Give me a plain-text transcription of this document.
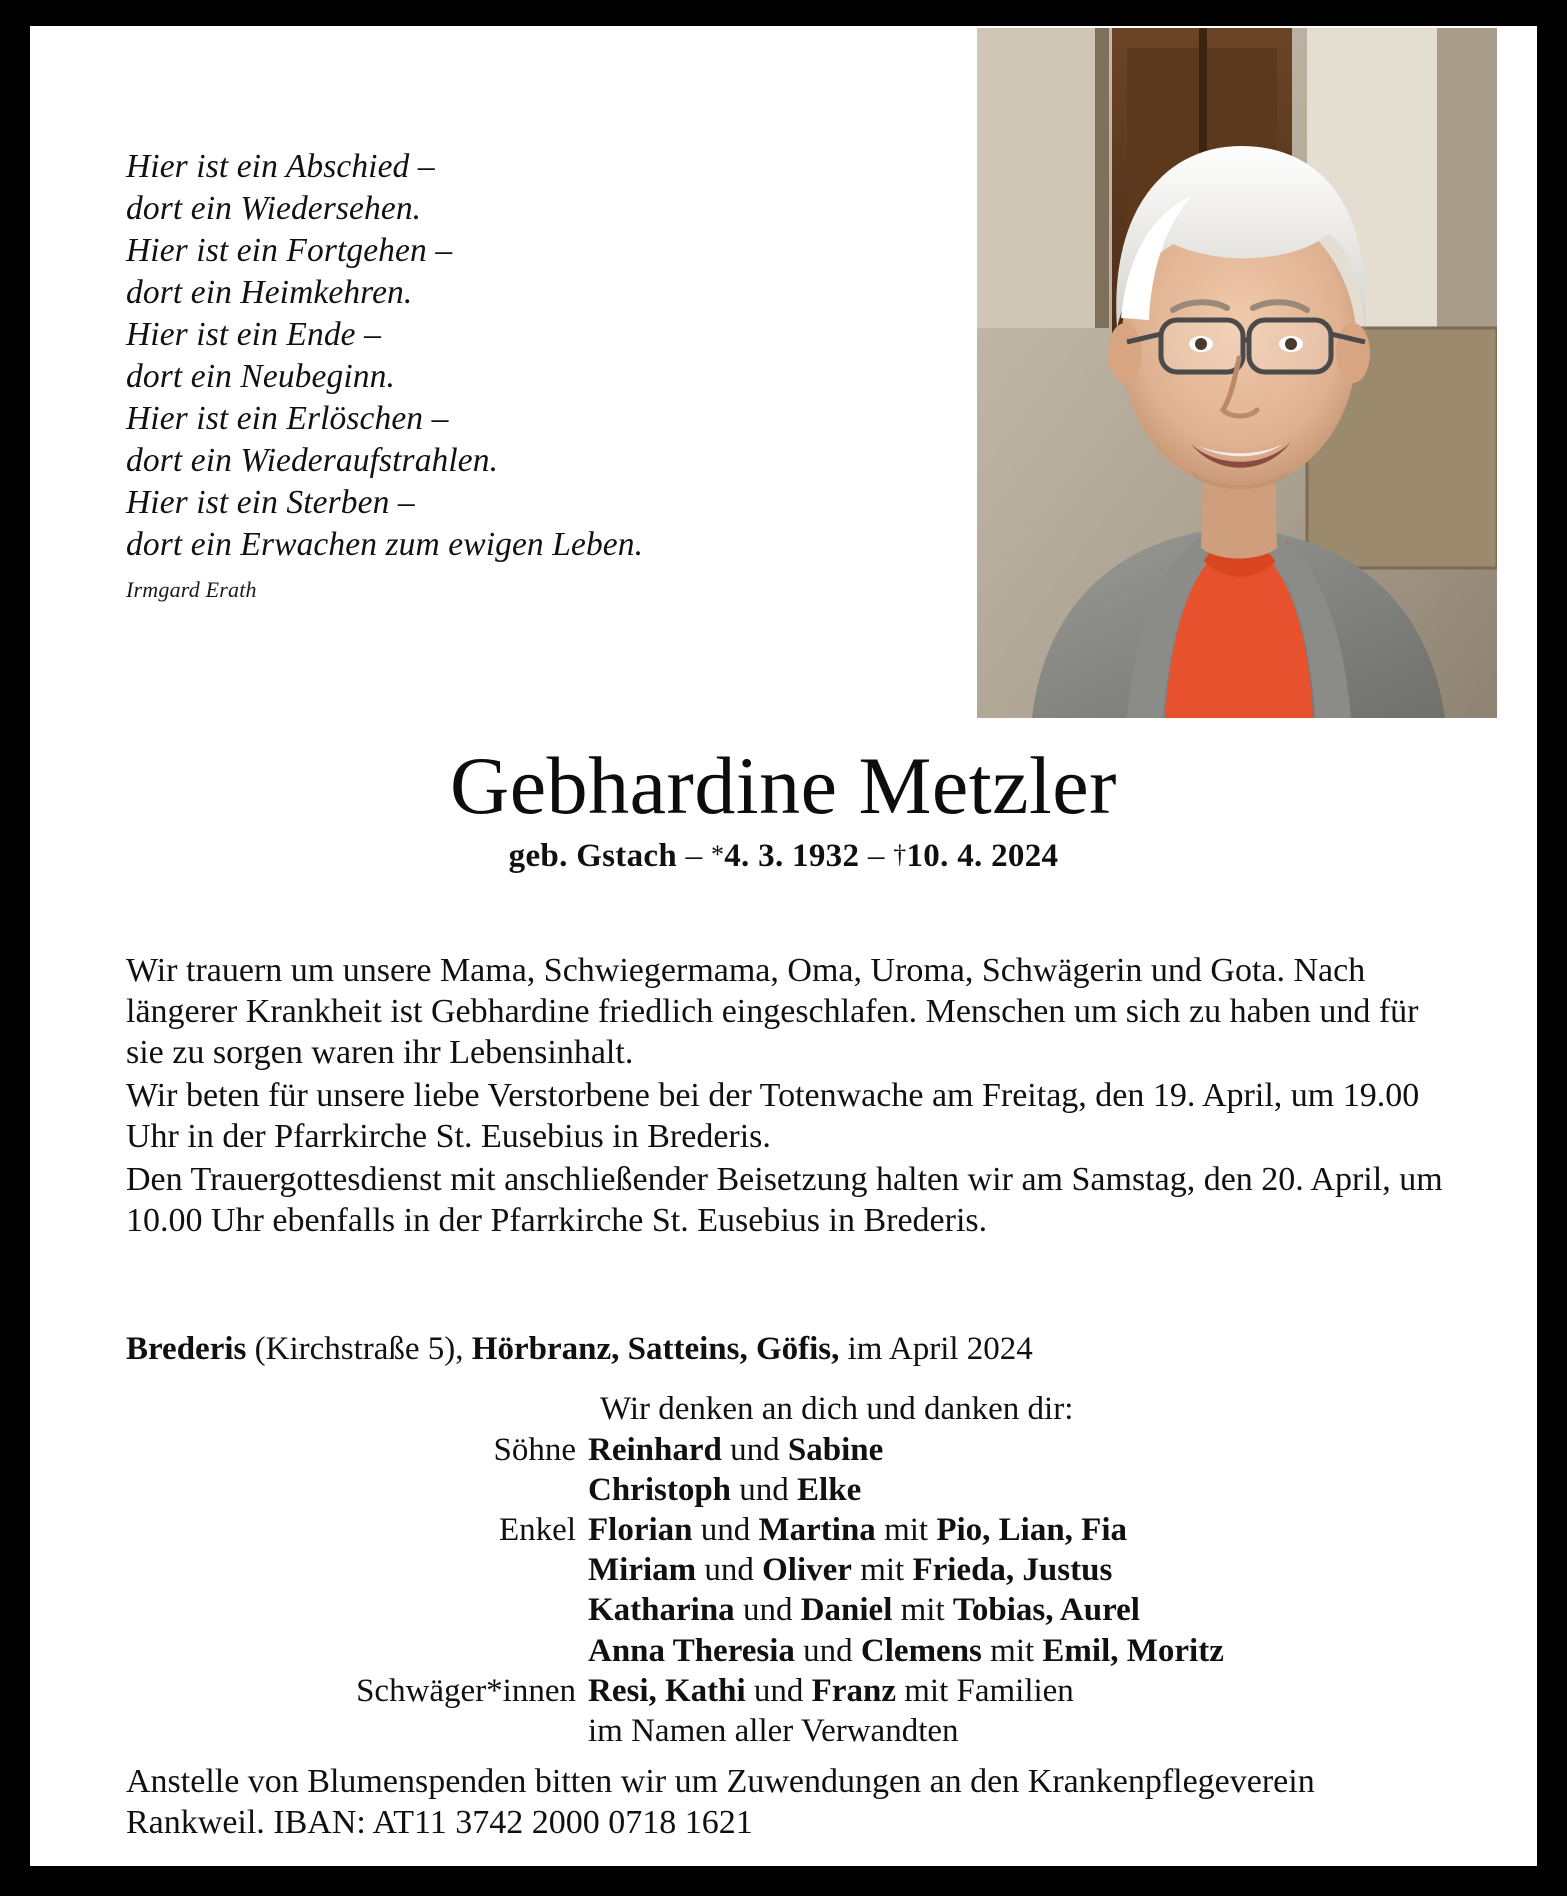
Hier ist ein Abschied –
dort ein Wiedersehen.
Hier ist ein Fortgehen –
dort ein Heimkehren.
Hier ist ein Ende –
dort ein Neubeginn.
Hier ist ein Erlöschen –
dort ein Wiederaufstrahlen.
Hier ist ein Sterben –
dort ein Erwachen zum ewigen Leben.
Irmgard Erath
Gebhardine Metzler
geb. Gstach – *4. 3. 1932 – †10. 4. 2024
Wir trauern um unsere Mama, Schwiegermama, Oma, Uroma, Schwägerin und Gota. Nach längerer Krankheit ist Gebhardine friedlich eingeschlafen. Menschen um sich zu haben und für sie zu sorgen waren ihr Lebensinhalt.
Wir beten für unsere liebe Verstorbene bei der Totenwache am Freitag, den 19. April, um 19.00 Uhr in der Pfarrkirche St. Eusebius in Brederis.
Den Trauergottesdienst mit anschließender Beisetzung halten wir am Samstag, den 20. April, um 10.00 Uhr ebenfalls in der Pfarrkirche St. Eusebius in Brederis.
Brederis (Kirchstraße 5), Hörbranz, Satteins, Göfis, im April 2024
Wir denken an dich und danken dir:
Söhne Reinhard und Sabine
Christoph und Elke
Enkel Florian und Martina mit Pio, Lian, Fia
Miriam und Oliver mit Frieda, Justus
Katharina und Daniel mit Tobias, Aurel
Anna Theresia und Clemens mit Emil, Moritz
Schwäger*innen Resi, Kathi und Franz mit Familien
im Namen aller Verwandten
Anstelle von Blumenspenden bitten wir um Zuwendungen an den Krankenpflegeverein Rankweil. IBAN: AT11 3742 2000 0718 1621
